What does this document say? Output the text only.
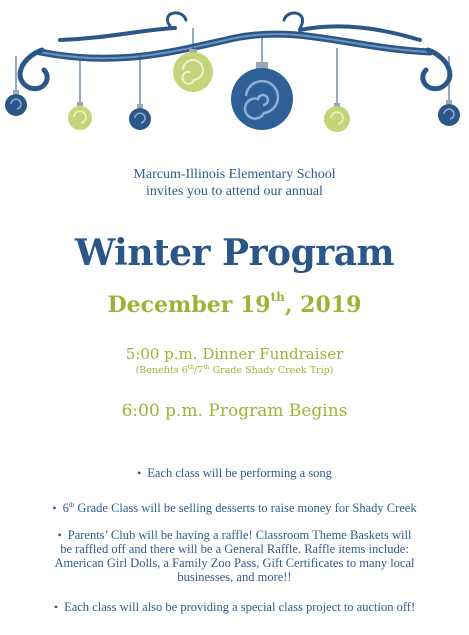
Marcum-Illinois Elementary School
invites you to attend our annual
Winter Program
December 19th, 2019
5:00 p.m. Dinner Fundraiser
(Benefits 6th/7th Grade Shady Creek Trip)
6:00 p.m. Program Begins
• Each class will be performing a song
• 6th Grade Class will be selling desserts to raise money for Shady Creek
• Parents’ Club will be having a raffle! Classroom Theme Baskets will
be raffled off and there will be a General Raffle. Raffle items include:
American Girl Dolls, a Family Zoo Pass, Gift Certificates to many local
businesses, and more!!
• Each class will also be providing a special class project to auction off!
